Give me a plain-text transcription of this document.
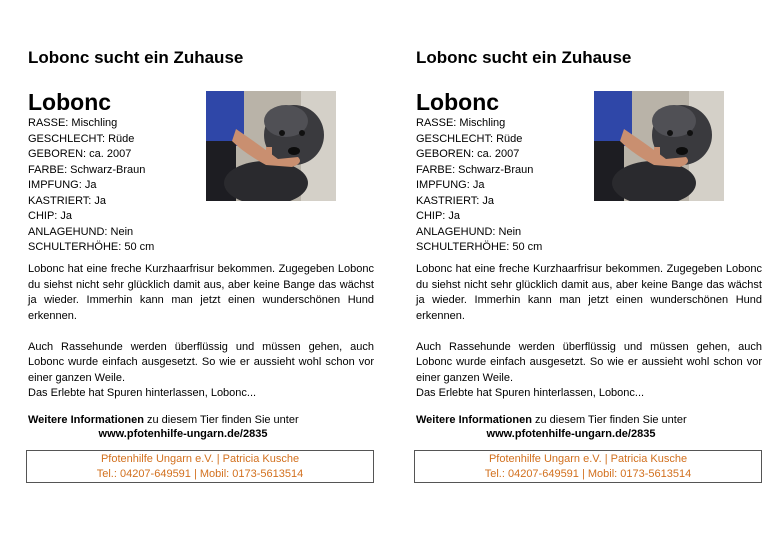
Lobonc sucht ein Zuhause
Lobonc
RASSE: Mischling
GESCHLECHT: Rüde
GEBOREN: ca. 2007
FARBE: Schwarz-Braun
IMPFUNG: Ja
KASTRIERT: Ja
CHIP: Ja
ANLAGEHUND: Nein
SCHULTERHÖHE: 50 cm

Lobonc hat eine freche Kurzhaarfrisur bekommen. Zugegeben Lobonc du siehst nicht sehr glücklich damit aus, aber keine Bange das wächst ja wieder. Immerhin kann man jetzt einen wunderschönen Hund erkennen.

Auch Rassehunde werden überflüssig und müssen gehen, auch Lobonc wurde einfach ausgesetzt. So wie er aussieht wohl schon vor einer ganzen Weile.

Das Erlebte hat Spuren hinterlassen, Lobonc...

Weitere Informationen zu diesem Tier finden Sie unter
www.pfotenhilfe-ungarn.de/2835
Pfotenhilfe Ungarn e.V. | Patricia Kusche
Tel.: 04207-649591 | Mobil: 0173-5613514
Lobonc sucht ein Zuhause
Lobonc
RASSE: Mischling
GESCHLECHT: Rüde
GEBOREN: ca. 2007
FARBE: Schwarz-Braun
IMPFUNG: Ja
KASTRIERT: Ja
CHIP: Ja
ANLAGEHUND: Nein
SCHULTERHÖHE: 50 cm

Lobonc hat eine freche Kurzhaarfrisur bekommen. Zugegeben Lobonc du siehst nicht sehr glücklich damit aus, aber keine Bange das wächst ja wieder. Immerhin kann man jetzt einen wunderschönen Hund erkennen.

Auch Rassehunde werden überflüssig und müssen gehen, auch Lobonc wurde einfach ausgesetzt. So wie er aussieht wohl schon vor einer ganzen Weile.

Das Erlebte hat Spuren hinterlassen, Lobonc...

Weitere Informationen zu diesem Tier finden Sie unter
www.pfotenhilfe-ungarn.de/2835
Pfotenhilfe Ungarn e.V. | Patricia Kusche
Tel.: 04207-649591 | Mobil: 0173-5613514
